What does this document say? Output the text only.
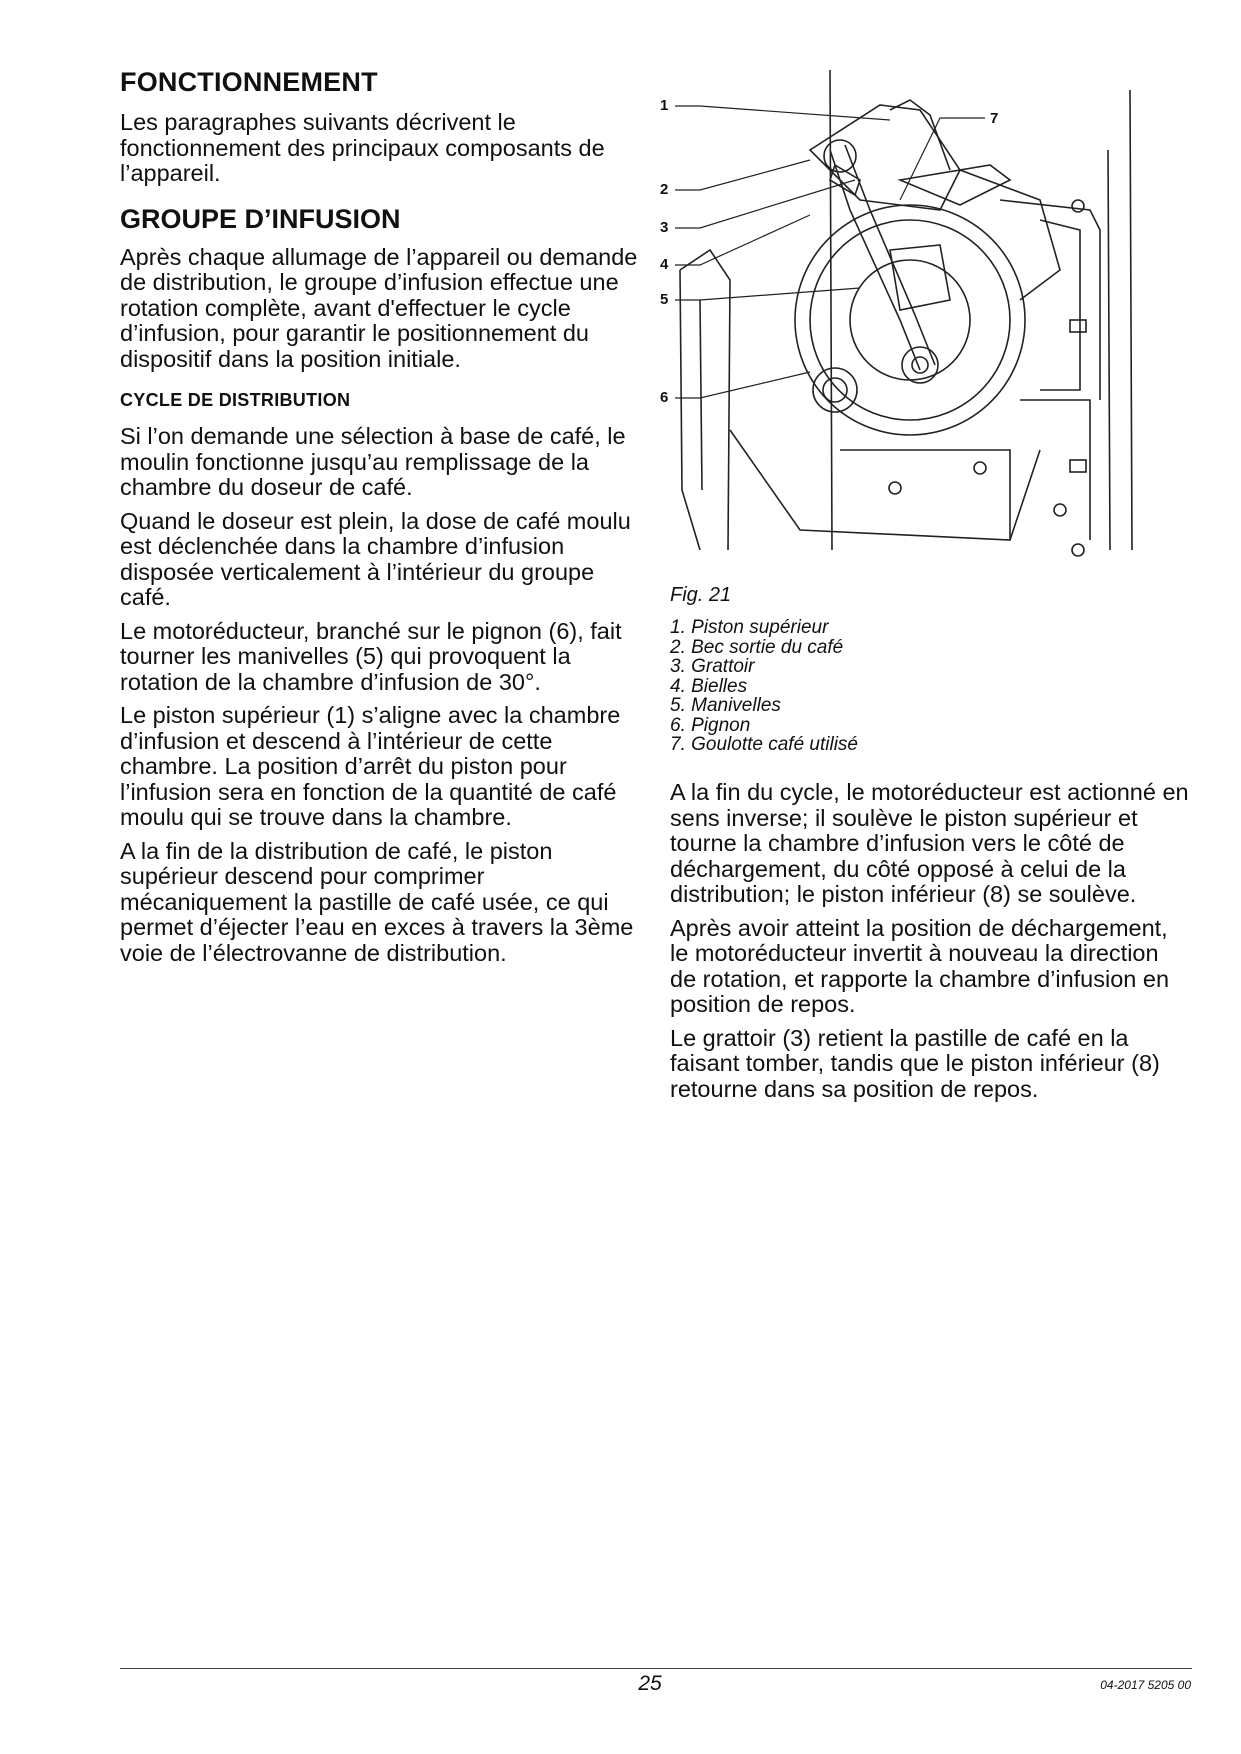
FONCTIONNEMENT

Les paragraphes suivants décrivent le fonctionnement des principaux composants de l’appareil.

GROUPE D’INFUSION

Après chaque allumage de l’appareil ou demande de distribution, le groupe d’infusion effectue une rotation complète, avant d'effectuer le cycle d’infusion, pour garantir le positionnement du dispositif dans la position initiale.

CYCLE DE DISTRIBUTION

Si l’on demande une sélection à base de café, le moulin fonctionne jusqu’au remplissage de la chambre du doseur de café.

Quand le doseur est plein, la dose de café moulu est déclenchée dans la chambre d’infusion disposée verticalement à l’intérieur du groupe café.

Le motoréducteur, branché sur le pignon (6), fait tourner les manivelles (5) qui provoquent la rotation de la chambre d’infusion de 30°.

Le piston supérieur (1) s’aligne avec la chambre d’infusion et descend à l’intérieur de cette chambre. La position d’arrêt du piston pour l’infusion sera en fonction de la quantité de café moulu qui se trouve dans la chambre.

A la fin de la distribution de café, le piston supérieur descend pour comprimer mécaniquement la pastille de café usée, ce qui permet d’éjecter l’eau en exces à travers la 3ème voie de l’électrovanne de distribution.

1
2
3
4
5
6
7
Fig. 21
1. Piston supérieur
2. Bec sortie du café
3. Grattoir
4. Bielles
5. Manivelles
6. Pignon
7. Goulotte café utilisé

A la fin du cycle, le motoréducteur est actionné en sens inverse; il soulève le piston supérieur et tourne la chambre d’infusion vers le côté de déchargement, du côté opposé à celui de la distribution; le piston inférieur (8) se soulève.

Après avoir atteint la position de déchargement, le motoréducteur invertit à nouveau la direction de rotation, et rapporte la chambre d’infusion en position de repos.

Le grattoir (3) retient la pastille de café en la faisant tomber, tandis que le piston inférieur (8) retourne dans sa position de repos.

25	04-2017 5205 00
